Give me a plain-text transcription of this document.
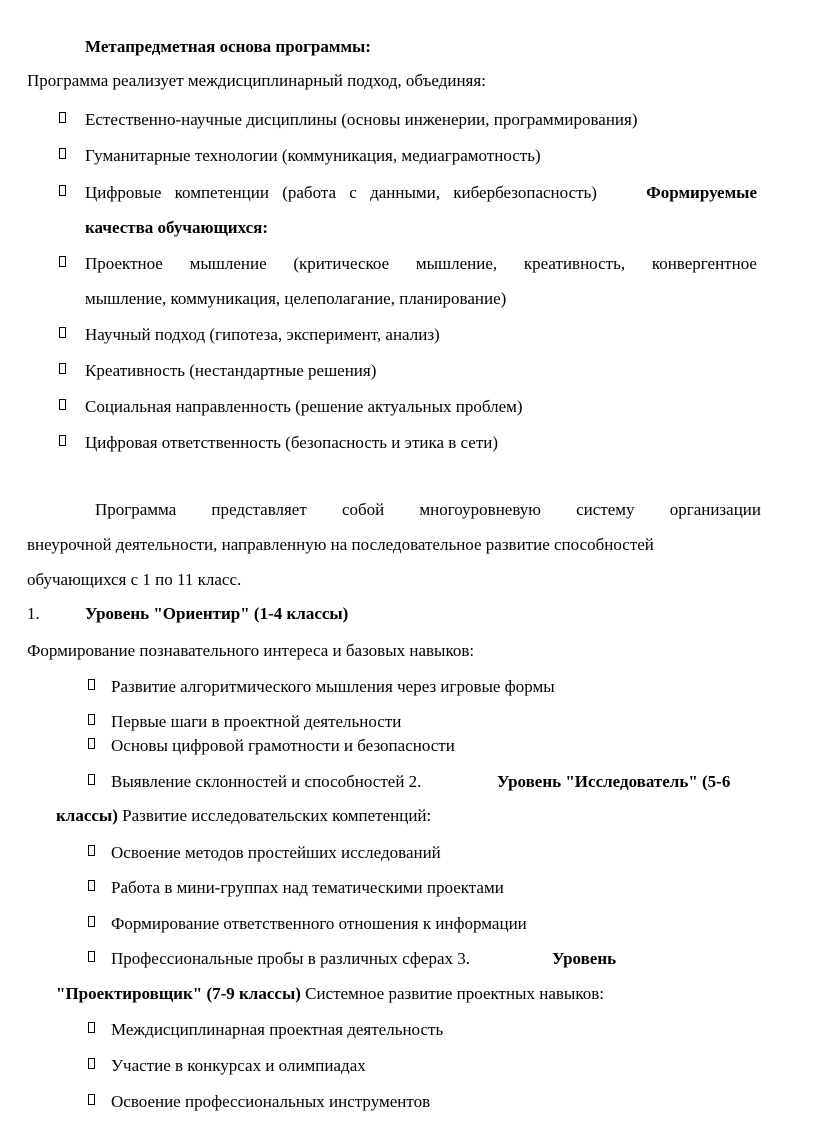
Метапредметная основа программы:
Программа реализует междисциплинарный подход, объединяя:
Естественно-научные дисциплины (основы инженерии, программирования)
Гуманитарные технологии (коммуникация, медиаграмотность)
Цифровые компетенции (работа с данными, кибербезопасность)	Формируемые
качества обучающихся:
Проектное мышление (критическое мышление, креативность, конвергентное
мышление, коммуникация, целеполагание, планирование)
Научный подход (гипотеза, эксперимент, анализ)
Креативность (нестандартные решения)
Социальная направленность (решение актуальных проблем)
Цифровая ответственность (безопасность и этика в сети)
Программа представляет собой многоуровневую систему организации
внеурочной деятельности, направленную на последовательное развитие способностей
обучающихся с 1 по 11 класс.
1.	Уровень "Ориентир" (1-4 классы)
Формирование познавательного интереса и базовых навыков:
Развитие алгоритмического мышления через игровые формы
Первые шаги в проектной деятельности
Основы цифровой грамотности и безопасности
Выявление склонностей и способностей 2.	Уровень "Исследователь" (5-6
классы) Развитие исследовательских компетенций:
Освоение методов простейших исследований
Работа в мини-группах над тематическими проектами
Формирование ответственного отношения к информации
Профессиональные пробы в различных сферах 3.	Уровень
"Проектировщик" (7-9 классы) Системное развитие проектных навыков:
Междисциплинарная проектная деятельность
Участие в конкурсах и олимпиадах
Освоение профессиональных инструментов
